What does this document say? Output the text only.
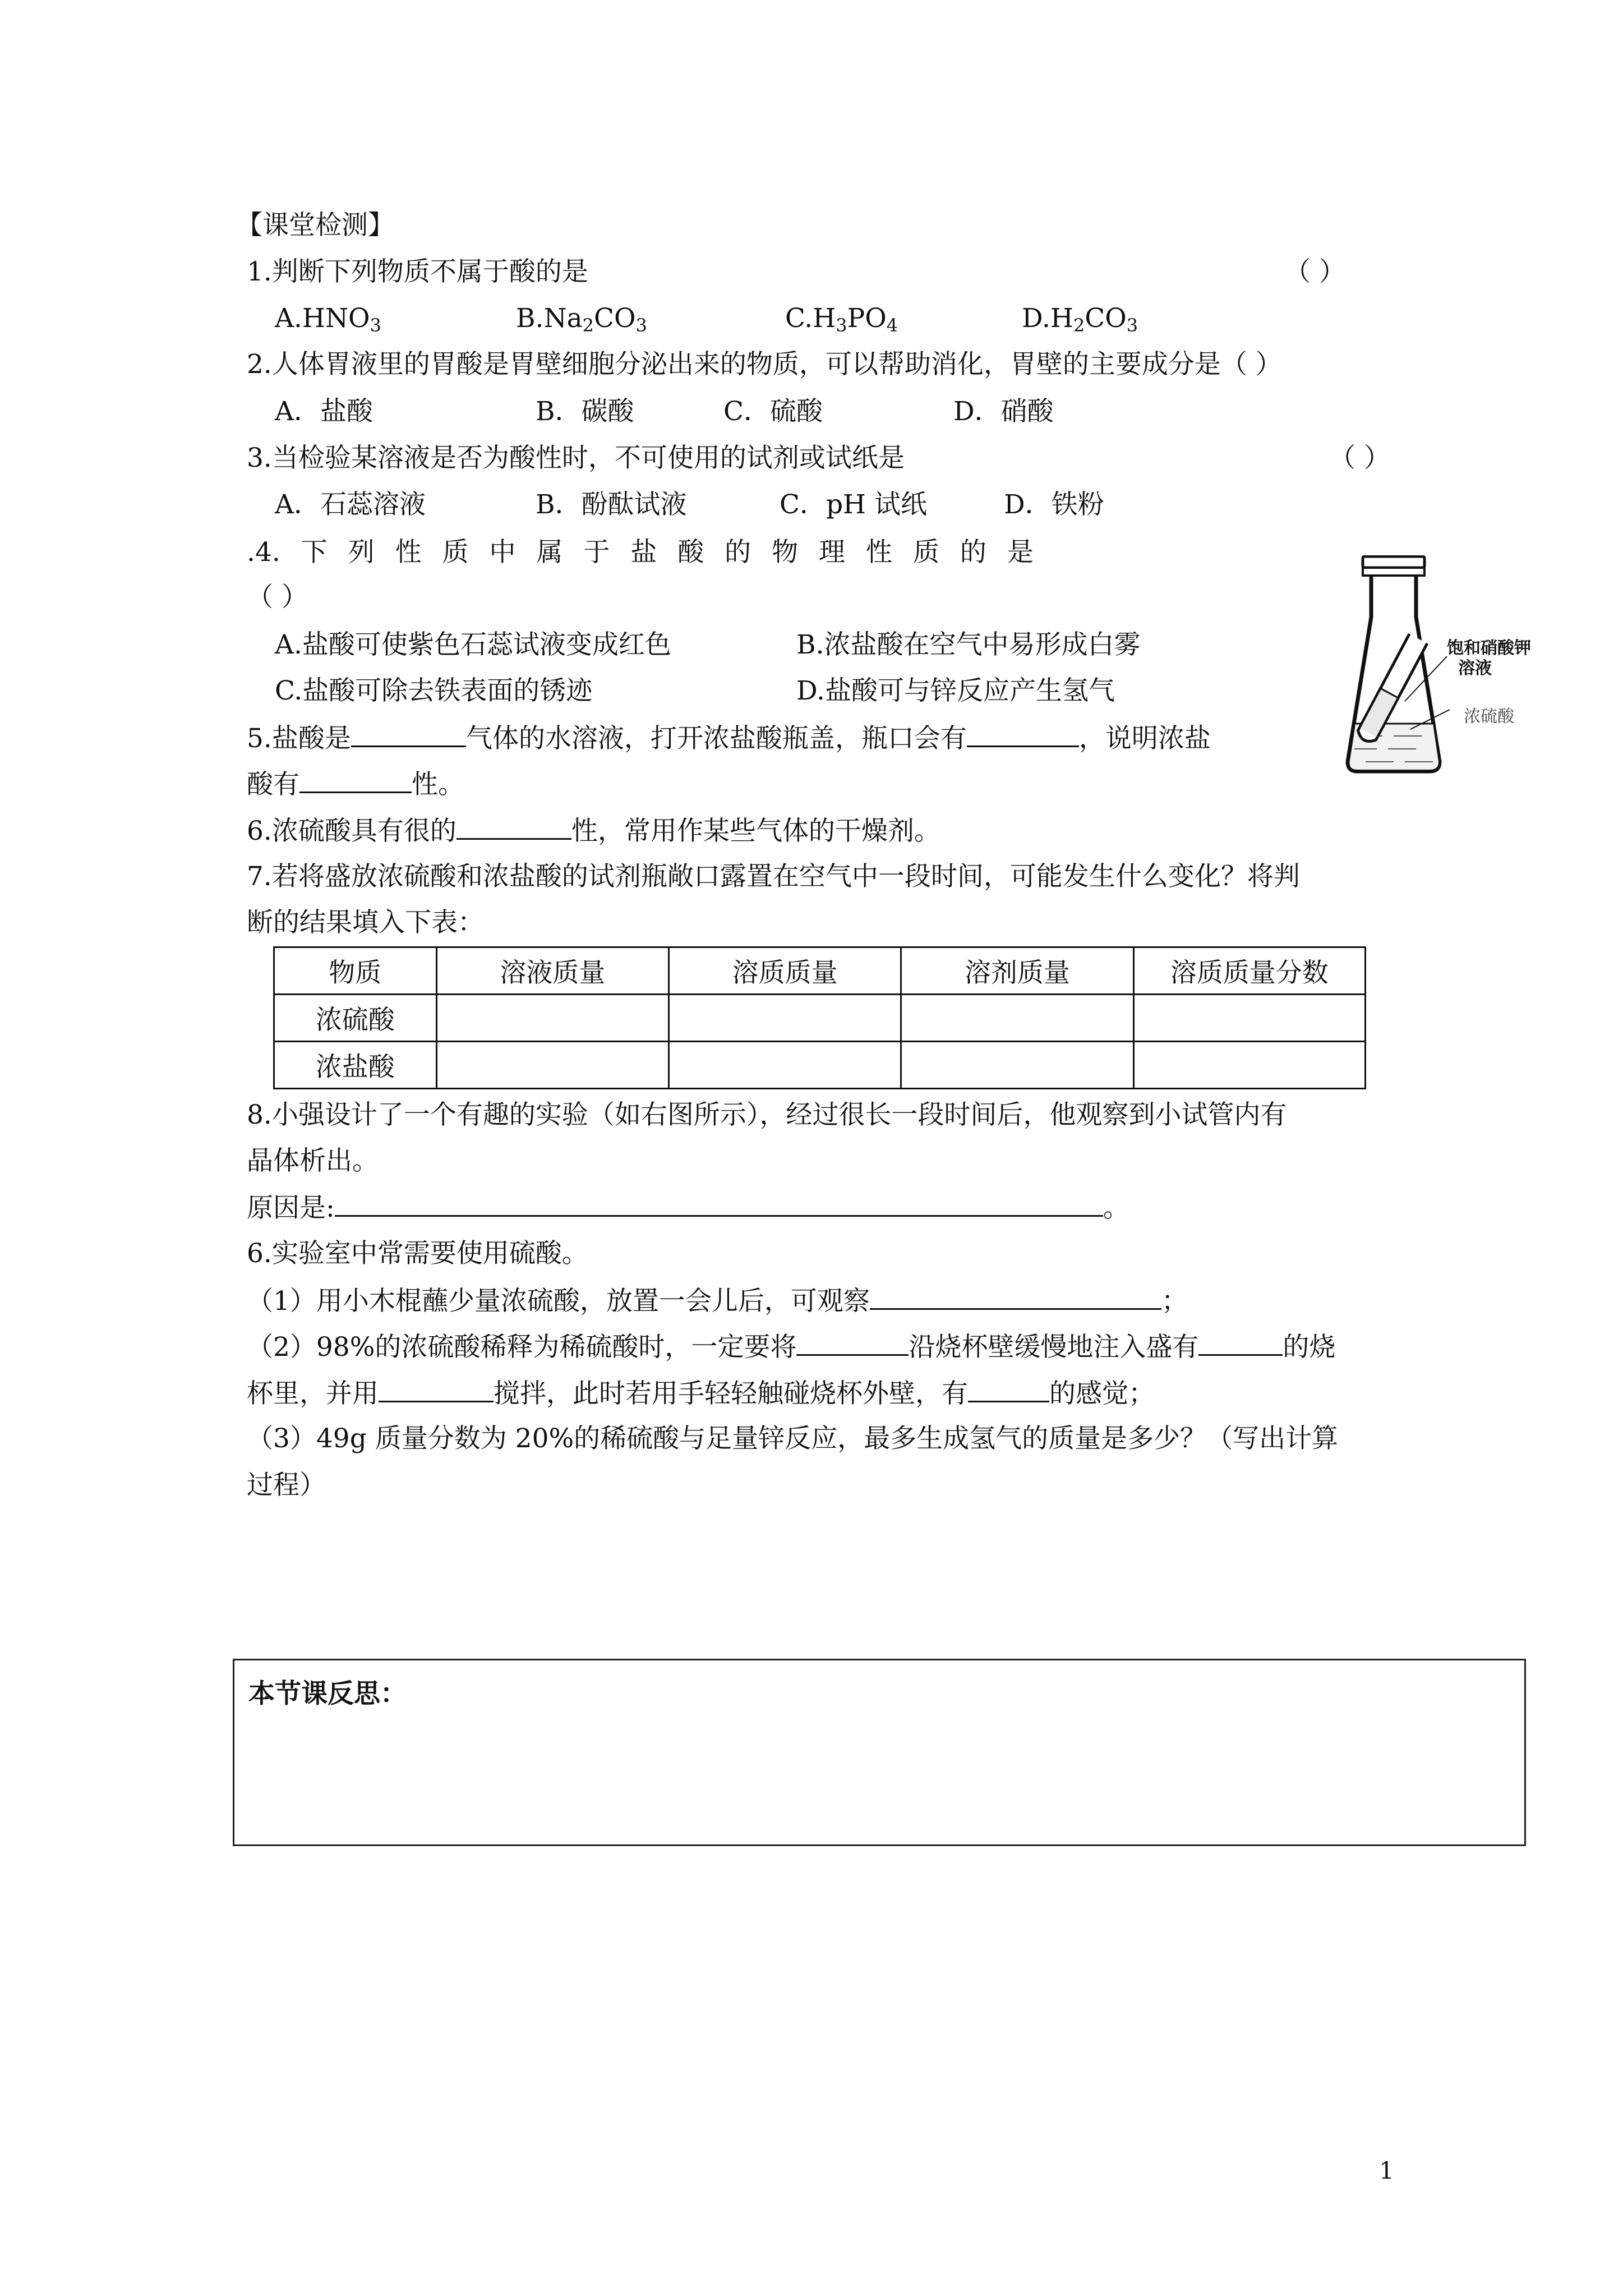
【课堂检测】
1.判断下列物质不属于酸的是	（ ）
$A.HNO_3$	$B.Na_2CO_3$	$C.H_3PO_4$	$D.H_2CO_3$
2.人体胃液里的胃酸是胃壁细胞分泌出来的物质，可以帮助消化，胃壁的主要成分是（ ）
A．盐酸	B．碳酸	C．硫酸	D．硝酸
3.当检验某溶液是否为酸性时，不可使用的试剂或试纸是	（ ）
A．石蕊溶液	B．酚酞试液	C．pH 试纸	D．铁粉
.4. 下 列 性 质 中 属 于 盐 酸 的 物 理 性 质 的 是
（ ）
A.盐酸可使紫色石蕊试液变成红色	B.浓盐酸在空气中易形成白雾
C.盐酸可除去铁表面的锈迹	D.盐酸可与锌反应产生氢气
5.盐酸是	气体的水溶液，打开浓盐酸瓶盖，瓶口会有	，说明浓盐
酸有	性。
6.浓硫酸具有很的	性，常用作某些气体的干燥剂。
7.若将盛放浓硫酸和浓盐酸的试剂瓶敞口露置在空气中一段时间，可能发生什么变化？将判
断的结果填入下表：
物质	溶液质量	溶质质量	溶剂质量	溶质质量分数
浓硫酸				
浓盐酸				
8.小强设计了一个有趣的实验（如右图所示），经过很长一段时间后，他观察到小试管内有
晶体析出。
原因是:	。
6.实验室中常需要使用硫酸。
（1）用小木棍蘸少量浓硫酸，放置一会儿后，可观察	；
（2）98%的浓硫酸稀释为稀硫酸时，一定要将	沿烧杯壁缓慢地注入盛有	的烧
杯里，并用	搅拌，此时若用手轻轻触碰烧杯外壁，有	的感觉；
（3）49g 质量分数为 20%的稀硫酸与足量锌反应，最多生成氢气的质量是多少？（写出计算
过程）
饱和硝酸钾
溶液
浓硫酸
本节课反思：
1
